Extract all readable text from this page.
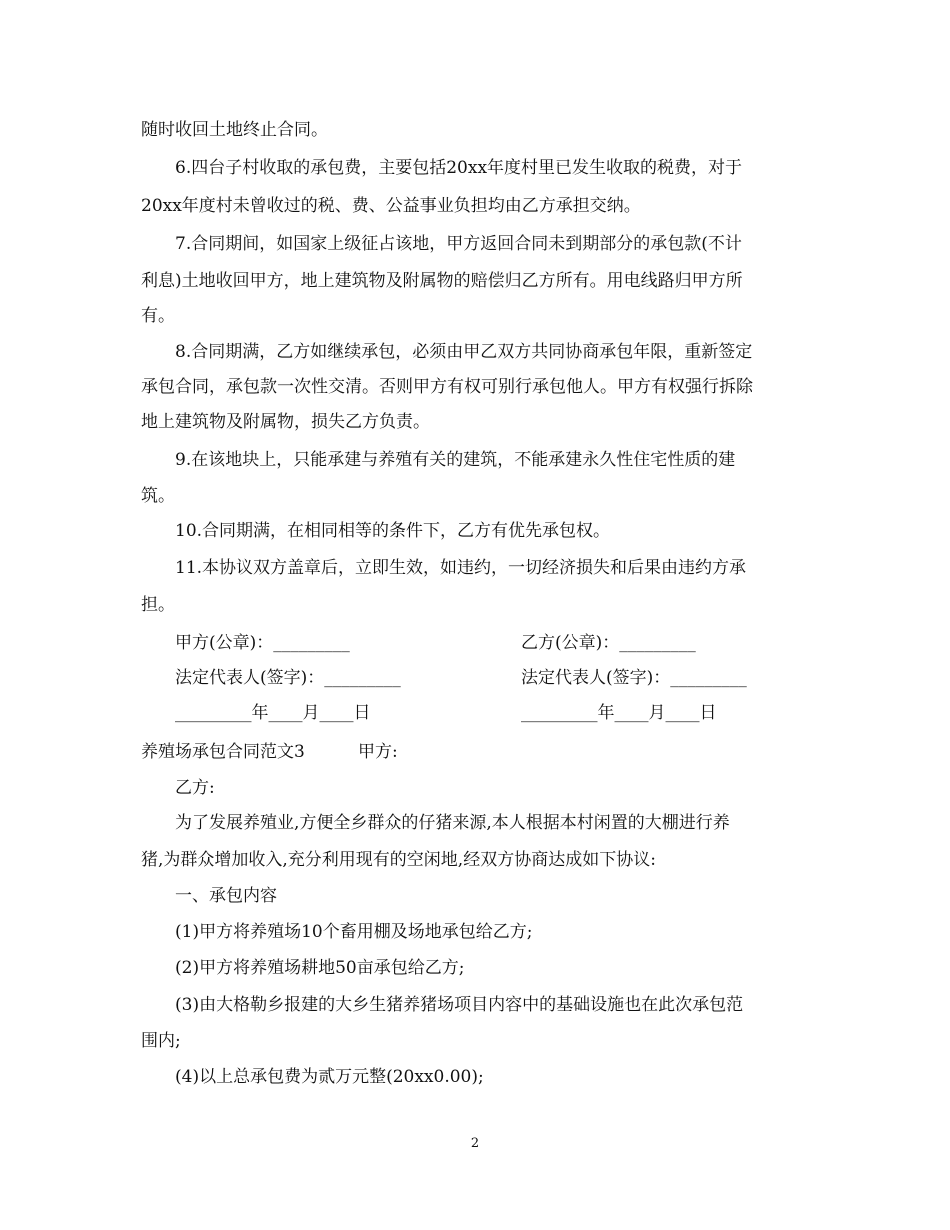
随时收回土地终止合同。
6.四台子村收取的承包费，主要包括20xx年度村里已发生收取的税费，对于
20xx年度村未曾收过的税、费、公益事业负担均由乙方承担交纳。
7.合同期间，如国家上级征占该地，甲方返回合同未到期部分的承包款(不计
利息)土地收回甲方，地上建筑物及附属物的赔偿归乙方所有。用电线路归甲方所
有。
8.合同期满，乙方如继续承包，必须由甲乙双方共同协商承包年限，重新签定
承包合同，承包款一次性交清。否则甲方有权可别行承包他人。甲方有权强行拆除
地上建筑物及附属物，损失乙方负责。
9.在该地块上，只能承建与养殖有关的建筑，不能承建永久性住宅性质的建
筑。
10.合同期满，在相同相等的条件下，乙方有优先承包权。
11.本协议双方盖章后，立即生效，如违约，一切经济损失和后果由违约方承
担。
甲方(公章)：_________	乙方(公章)：_________
法定代表人(签字)：_________	法定代表人(签字)：_________
_________年____月____日	_________年____月____日
养殖场承包合同范文3	甲方:
乙方:
为了发展养殖业,方便全乡群众的仔猪来源,本人根据本村闲置的大棚进行养
猪,为群众增加收入,充分利用现有的空闲地,经双方协商达成如下协议:
一、承包内容
(1)甲方将养殖场10个畜用棚及场地承包给乙方;
(2)甲方将养殖场耕地50亩承包给乙方;
(3)由大格勒乡报建的大乡生猪养猪场项目内容中的基础设施也在此次承包范
围内;
(4)以上总承包费为贰万元整(20xx0.00);
2
